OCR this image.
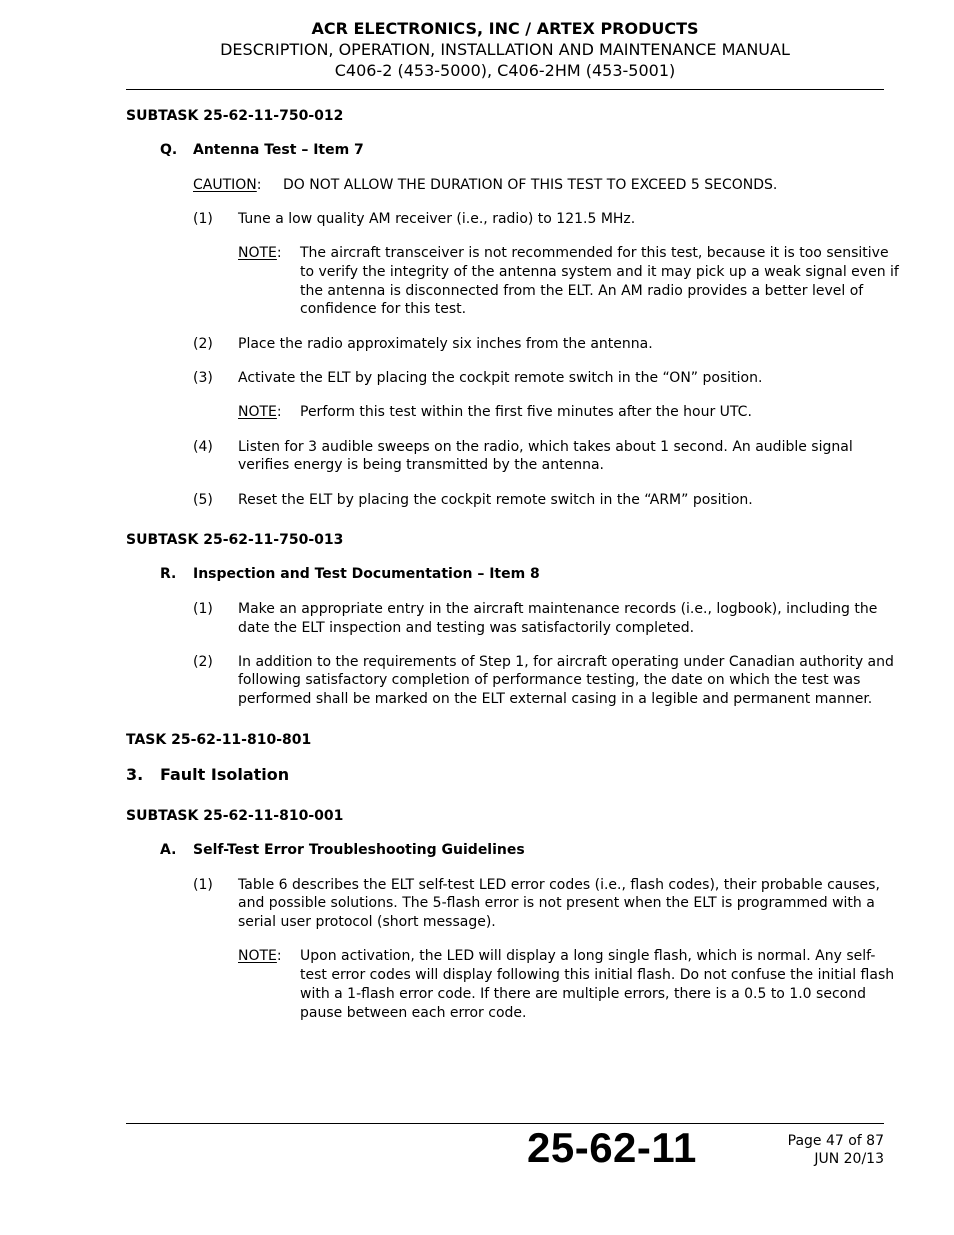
ACR ELECTRONICS, INC / ARTEX PRODUCTS
DESCRIPTION, OPERATION, INSTALLATION AND MAINTENANCE MANUAL
C406-2 (453-5000), C406-2HM (453-5001)
SUBTASK 25-62-11-750-012
Q. Antenna Test – Item 7
CAUTION: DO NOT ALLOW THE DURATION OF THIS TEST TO EXCEED 5 SECONDS.
(1) Tune a low quality AM receiver (i.e., radio) to 121.5 MHz.
NOTE: The aircraft transceiver is not recommended for this test, because it is too sensitive
to verify the integrity of the antenna system and it may pick up a weak signal even if
the antenna is disconnected from the ELT. An AM radio provides a better level of
confidence for this test.
(2) Place the radio approximately six inches from the antenna.
(3) Activate the ELT by placing the cockpit remote switch in the “ON” position.
NOTE: Perform this test within the first five minutes after the hour UTC.
(4) Listen for 3 audible sweeps on the radio, which takes about 1 second. An audible signal
verifies energy is being transmitted by the antenna.
(5) Reset the ELT by placing the cockpit remote switch in the “ARM” position.
SUBTASK 25-62-11-750-013
R. Inspection and Test Documentation – Item 8
(1) Make an appropriate entry in the aircraft maintenance records (i.e., logbook), including the
date the ELT inspection and testing was satisfactorily completed.
(2) In addition to the requirements of Step 1, for aircraft operating under Canadian authority and
following satisfactory completion of performance testing, the date on which the test was
performed shall be marked on the ELT external casing in a legible and permanent manner.
TASK 25-62-11-810-801
3. Fault Isolation
SUBTASK 25-62-11-810-001
A. Self-Test Error Troubleshooting Guidelines
(1) Table 6 describes the ELT self-test LED error codes (i.e., flash codes), their probable causes,
and possible solutions. The 5-flash error is not present when the ELT is programmed with a
serial user protocol (short message).
NOTE: Upon activation, the LED will display a long single flash, which is normal. Any self-
test error codes will display following this initial flash. Do not confuse the initial flash
with a 1-flash error code. If there are multiple errors, there is a 0.5 to 1.0 second
pause between each error code.
25-62-11	Page 47 of 87
JUN 20/13
